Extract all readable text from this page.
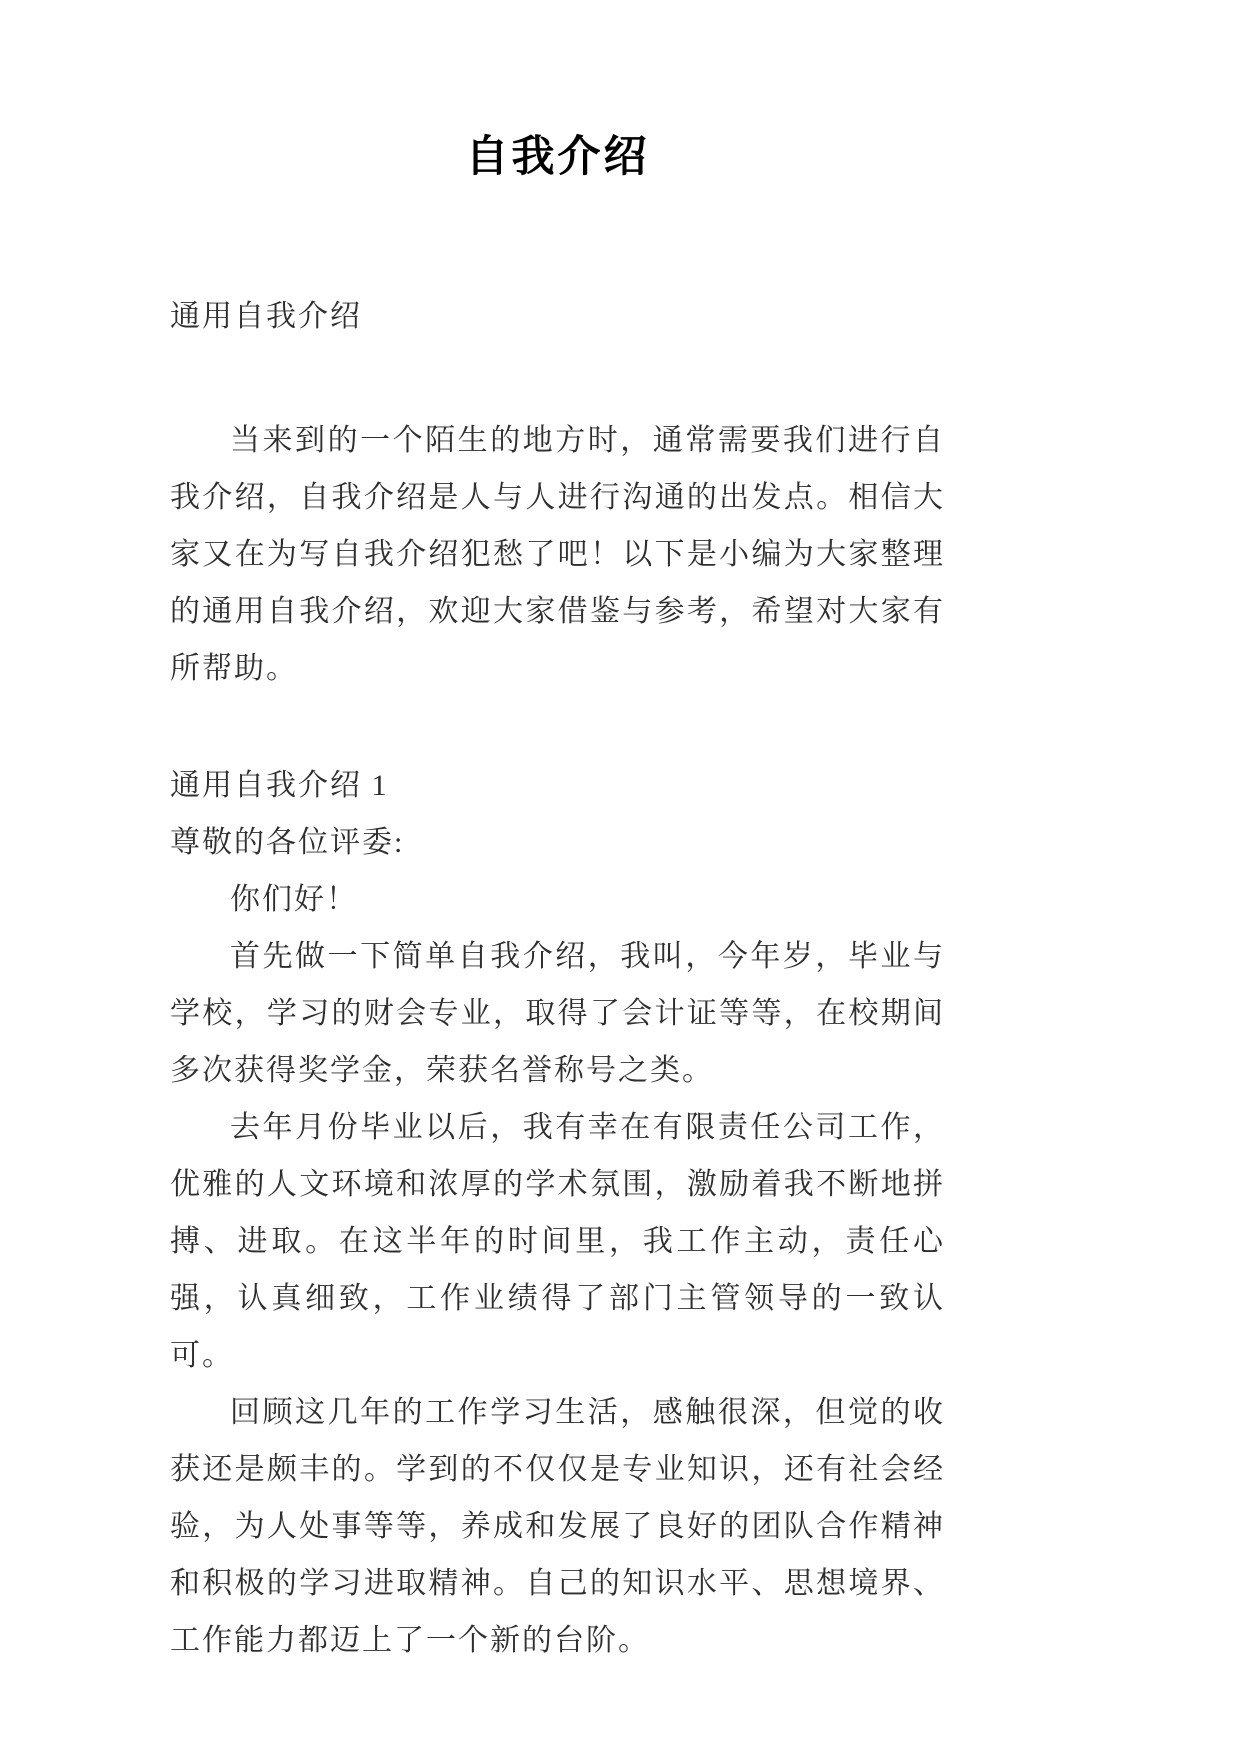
自我介绍

通用自我介绍

当来到的一个陌生的地方时，通常需要我们进行自我介绍，自我介绍是人与人进行沟通的出发点。相信大家又在为写自我介绍犯愁了吧！以下是小编为大家整理的通用自我介绍，欢迎大家借鉴与参考，希望对大家有所帮助。

通用自我介绍 1

尊敬的各位评委:

你们好！

首先做一下简单自我介绍，我叫，今年岁，毕业与学校，学习的财会专业，取得了会计证等等，在校期间多次获得奖学金，荣获名誉称号之类。

去年月份毕业以后，我有幸在有限责任公司工作，优雅的人文环境和浓厚的学术氛围，激励着我不断地拼搏、进取。在这半年的时间里，我工作主动，责任心强，认真细致，工作业绩得了部门主管领导的一致认可。

回顾这几年的工作学习生活，感触很深，但觉的收获还是颇丰的。学到的不仅仅是专业知识，还有社会经验，为人处事等等，养成和发展了良好的团队合作精神和积极的学习进取精神。自己的知识水平、思想境界、工作能力都迈上了一个新的台阶。
